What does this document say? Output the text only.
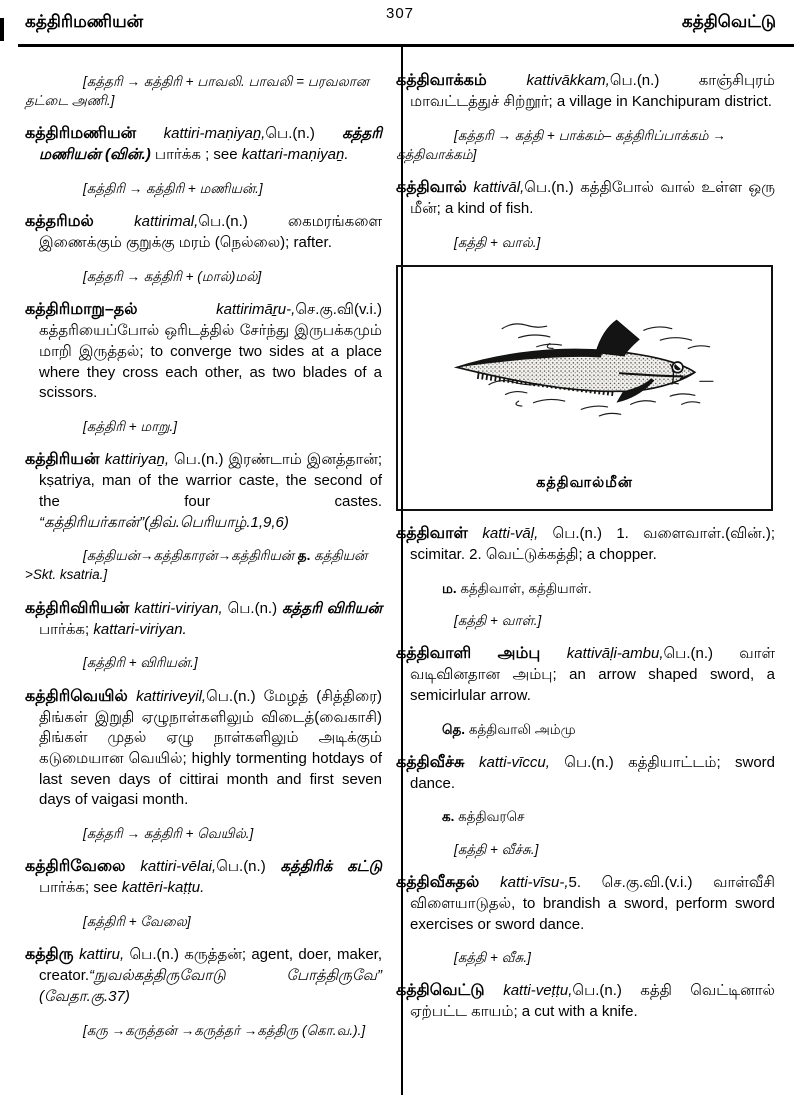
கத்திரிமணியன்	307	கத்திவெட்டு
[கத்தரி → கத்திரி + பாவலி. பாவலி = பரவலான தட்டை அணி.]
கத்திரிமணியன் kattiri-maṇiyaṉ,பெ.(n.) கத்தரி மணியன் (வின்.) பார்க்க ; see kattari-maṇiyaṉ.
[கத்திரி → கத்திரி + மணியன்.]
கத்தரிமல் kattirimal,பெ.(n.) கைமரங்களை இணைக்கும் குறுக்கு மரம் (நெல்லை); rafter.
[கத்தரி → கத்திரி + (மால்)மல்]
கத்திரிமாறு–தல் kattirimāṟu-,செ.கு.வி(v.i.) கத்தரியைப்போல் ஒரிடத்தில் சேர்ந்து இருபக்கமும் மாறி இருத்தல்; to converge two sides at a place where they cross each other, as two blades of a scissors.
[கத்திரி + மாறு.]
கத்திரியன் kattiriyaṉ, பெ.(n.) இரண்டாம் இனத்தான்; kṣatriya, man of the warrior caste, the second of the four castes. “கத்திரியர்கான்”(திவ்.பெரியாழ்.1,9,6)
[கத்தியன்→கத்திகாரன்→கத்திரியன் த. கத்தியன் >Skt. ksatria.]
கத்திரிவிரியன் kattiri-viriyan, பெ.(n.) கத்தரி விரியன் பார்க்க; kattari-viriyan.
[கத்திரி + விரியன்.]
கத்திரிவெயில் kattiriveyil,பெ.(n.) மேழத் (சித்திரை) திங்கள் இறுதி ஏழுநாள்களிலும் விடைத்(வைகாசி) திங்கள் முதல் ஏழு நாள்களிலும் அடிக்கும் கடுமையான வெயில்; highly tormenting hotdays of last seven days of cittirai month and first seven days of vaigasi month.
[கத்தரி → கத்திரி + வெயில்.]
கத்திரிவேலை kattiri-vēlai,பெ.(n.) கத்திரிக் கட்டு பார்க்க; see kattēri-kaṭṭu.
[கத்திரி + வேலை]
கத்திரு kattiru, பெ.(n.) கருத்தன்; agent, doer, maker, creator.“நுவல்கத்திருவோடு போத்திருவே” (வேதா.கு.37)
[கரு →கருத்தன் →கருத்தர் →கத்திரு (கொ.வ.).]
கத்திவாக்கம் kattivākkam,பெ.(n.) காஞ்சிபுரம் மாவட்டத்துச் சிற்றூர்; a village in Kanchipuram district.
[கத்தரி → கத்தி + பாக்கம்– கத்திரிப்பாக்கம் → கத்திவாக்கம்]
கத்திவால் kattivāl,பெ.(n.) கத்திபோல் வால் உள்ள ஒரு மீன்; a kind of fish.
[கத்தி + வால்.]
கத்திவால்மீன்
கத்திவாள் katti-vāḷ, பெ.(n.) 1. வளைவாள்.(வின்.); scimitar. 2. வெட்டுக்கத்தி; a chopper.
ம. கத்திவாள், கத்தியாள்.
[கத்தி + வாள்.]
கத்திவாளி அம்பு kattivāḷi-ambu,பெ.(n.) வாள் வடிவினதான அம்பு; an arrow shaped sword, a semicirlular arrow.
தெ. கத்திவாலி அம்மு
கத்திவீச்சு katti-vīccu, பெ.(n.) கத்தியாட்டம்; sword dance.
க. கத்திவரசெ
[கத்தி + வீச்சு.]
கத்திவீசுதல் katti-vīsu-,5. செ.கு.வி.(v.i.) வாள்வீசி விளையாடுதல், to brandish a sword, perform sword exercises or sword dance.
[கத்தி + வீசு.]
கத்திவெட்டு katti-veṭṭu,பெ.(n.) கத்தி வெட்டினால் ஏற்பட்ட காயம்; a cut with a knife.
